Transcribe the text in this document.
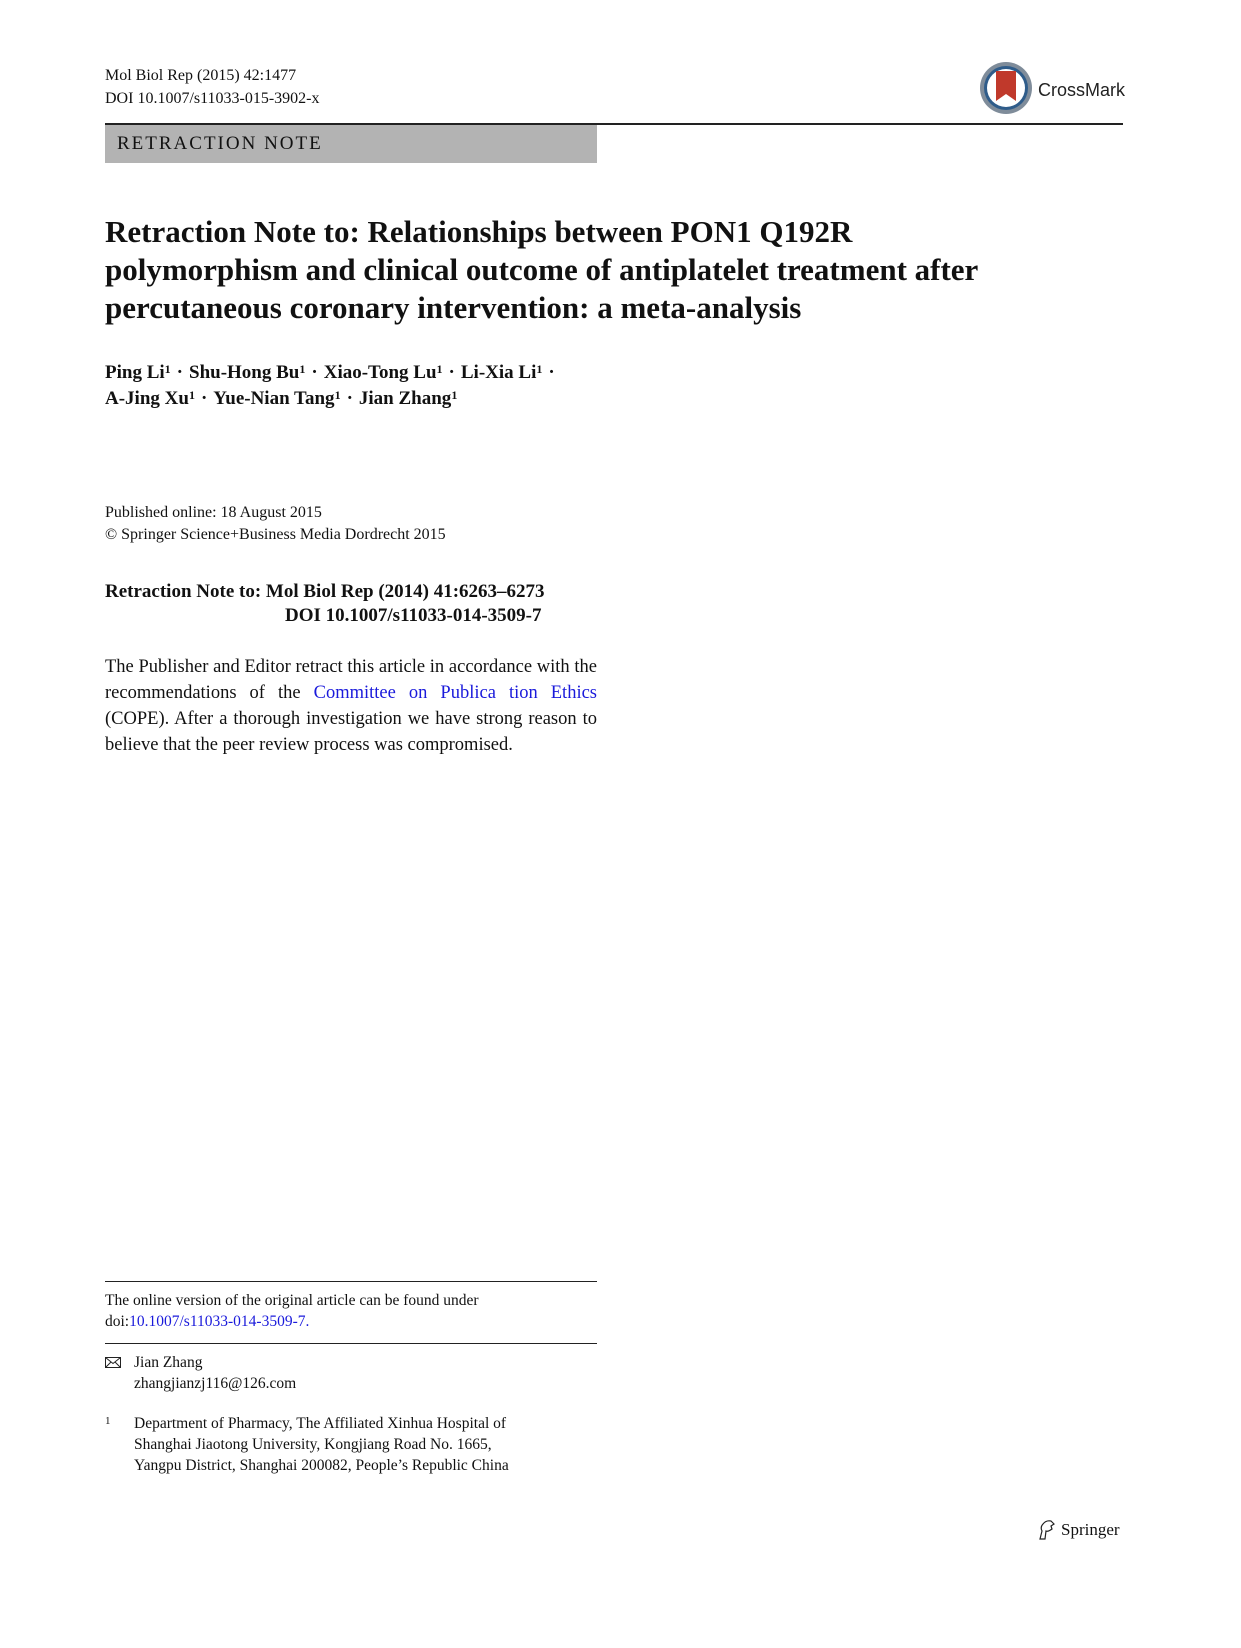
Mol Biol Rep (2015) 42:1477
DOI 10.1007/s11033-015-3902-x	CrossMark
RETRACTION NOTE
Retraction Note to: Relationships between PON1 Q192R polymorphism and clinical outcome of antiplatelet treatment after percutaneous coronary intervention: a meta-analysis
Ping $Li^1$ · Shu-Hong $Bu^1$ · Xiao-Tong $Lu^1 \cdot Li-Xia$ $Li^1$ ·
A-Jing $Xu^1$ · Yue-Nian Tang$^1$ · Jian Zhang$^1$
Published online: 18 August 2015
© Springer Science+Business Media Dordrecht 2015
Retraction Note to: Mol Biol Rep (2014) 41:6263–6273
DOI 10.1007/s11033-014-3509-7
The Publisher and Editor retract this article in accordance with the recommendations of the Committee on Publica tion Ethics (COPE). After a thorough investigation we have strong reason to believe that the peer review process was compromised.
The online version of the original article can be found under
doi:10.1007/s11033-014-3509-7.
Jian Zhang
zhangjianzj116@126.com
1	Department of Pharmacy, The Affiliated Xinhua Hospital of
Shanghai Jiaotong University, Kongjiang Road No. 1665,
Yangpu District, Shanghai 200082, People’s Republic China
Springer
